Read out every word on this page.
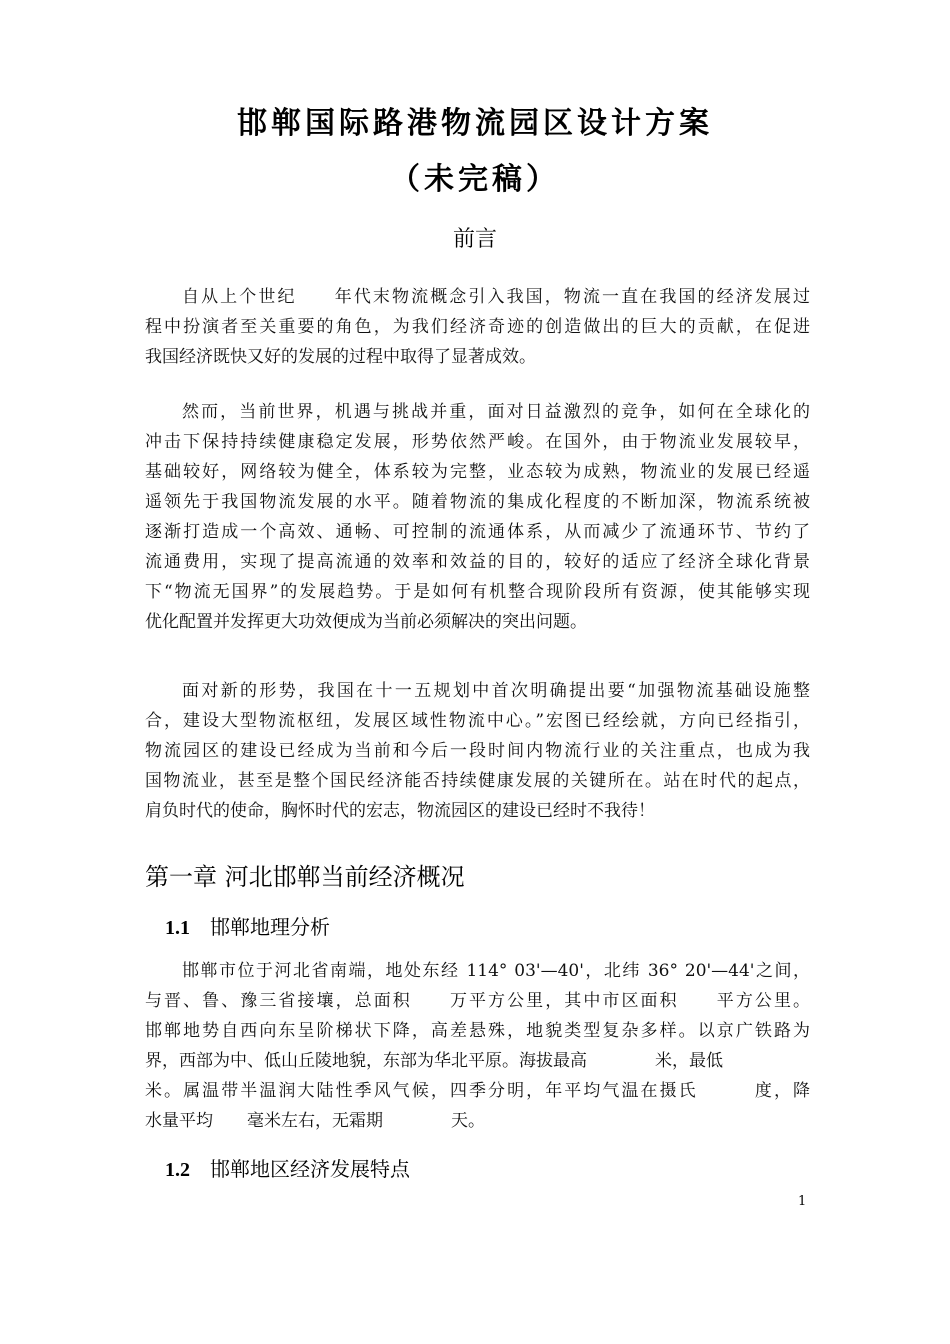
邯郸国际路港物流园区设计方案
（未完稿）
前言
自从上个世纪　　年代末物流概念引入我国，物流一直在我国的经济发展过
程中扮演者至关重要的角色，为我们经济奇迹的创造做出的巨大的贡献，在促进
我国经济既快又好的发展的过程中取得了显著成效。
然而，当前世界，机遇与挑战并重，面对日益激烈的竞争，如何在全球化的
冲击下保持持续健康稳定发展，形势依然严峻。在国外，由于物流业发展较早，
基础较好，网络较为健全，体系较为完整，业态较为成熟，物流业的发展已经遥
遥领先于我国物流发展的水平。随着物流的集成化程度的不断加深，物流系统被
逐渐打造成一个高效、通畅、可控制的流通体系，从而减少了流通环节、节约了
流通费用，实现了提高流通的效率和效益的目的，较好的适应了经济全球化背景
下“物流无国界”的发展趋势。于是如何有机整合现阶段所有资源，使其能够实现
优化配置并发挥更大功效便成为当前必须解决的突出问题。
面对新的形势，我国在十一五规划中首次明确提出要“加强物流基础设施整
合，建设大型物流枢纽，发展区域性物流中心。”宏图已经绘就，方向已经指引，
物流园区的建设已经成为当前和今后一段时间内物流行业的关注重点，也成为我
国物流业，甚至是整个国民经济能否持续健康发展的关键所在。站在时代的起点，
肩负时代的使命，胸怀时代的宏志，物流园区的建设已经时不我待！
第一章 河北邯郸当前经济概况
1.1 邯郸地理分析
邯郸市位于河北省南端，地处东经 114° 03'—40'，北纬 36° 20'—44'之间，
与晋、鲁、豫三省接壤，总面积　　万平方公里，其中市区面积　　平方公里。
邯郸地势自西向东呈阶梯状下降，高差悬殊，地貌类型复杂多样。以京广铁路为
界，西部为中、低山丘陵地貌，东部为华北平原。海拔最高　　　　米，最低
米。属温带半温润大陆性季风气候，四季分明，年平均气温在摄氏　　　度，降
水量平均　　毫米左右，无霜期　　　　天。
1.2 邯郸地区经济发展特点
1
